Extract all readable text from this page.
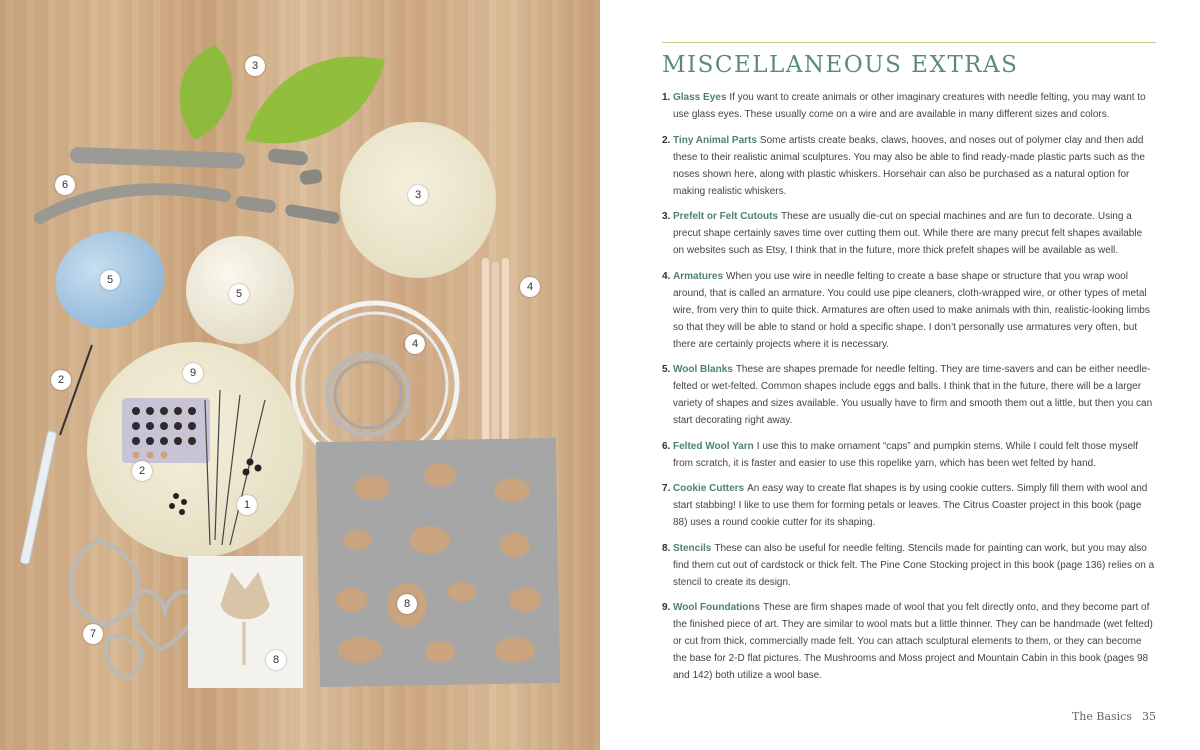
3
6
3
5
5
4
4
2
9
2
1
7
8
8
MISCELLANEOUS EXTRAS
1. Glass Eyes If you want to create animals or other imaginary creatures with needle felting, you may want to use glass eyes. These usually come on a wire and are available in many different sizes and colors.
2. Tiny Animal Parts Some artists create beaks, claws, hooves, and noses out of polymer clay and then add these to their realistic animal sculptures. You may also be able to find ready-made plastic parts such as the noses shown here, along with plastic whiskers. Horsehair can also be purchased as a natural option for making realistic whiskers.
3. Prefelt or Felt Cutouts These are usually die-cut on special machines and are fun to decorate. Using a precut shape certainly saves time over cutting them out. While there are many precut felt shapes available on websites such as Etsy, I think that in the future, more thick prefelt shapes will be available as well.
4. Armatures When you use wire in needle felting to create a base shape or structure that you wrap wool around, that is called an armature. You could use pipe cleaners, cloth-wrapped wire, or other types of metal wire, from very thin to quite thick. Armatures are often used to make animals with thin, realistic-looking limbs so that they will be able to stand or hold a specific shape. I don’t personally use armatures very often, but there are certainly projects where it is necessary.
5. Wool Blanks These are shapes premade for needle felting. They are time-savers and can be either needle-felted or wet-felted. Common shapes include eggs and balls. I think that in the future, there will be a larger variety of shapes and sizes available. You usually have to firm and smooth them out a little, but then you can start decorating right away.
6. Felted Wool Yarn I use this to make ornament “caps” and pumpkin stems. While I could felt those myself from scratch, it is faster and easier to use this ropelike yarn, which has been wet felted by hand.
7. Cookie Cutters An easy way to create flat shapes is by using cookie cutters. Simply fill them with wool and start stabbing! I like to use them for forming petals or leaves. The Citrus Coaster project in this book (page 88) uses a round cookie cutter for its shaping.
8. Stencils These can also be useful for needle felting. Stencils made for painting can work, but you may also find them cut out of cardstock or thick felt. The Pine Cone Stocking project in this book (page 136) relies on a stencil to create its design.
9. Wool Foundations These are firm shapes made of wool that you felt directly onto, and they become part of the finished piece of art. They are similar to wool mats but a little thinner. They can be handmade (wet felted) or cut from thick, commercially made felt. You can attach sculptural elements to them, or they can become the base for 2-D flat pictures. The Mushrooms and Moss project and Mountain Cabin in this book (pages 98 and 142) both utilize a wool base.
The Basics 35
